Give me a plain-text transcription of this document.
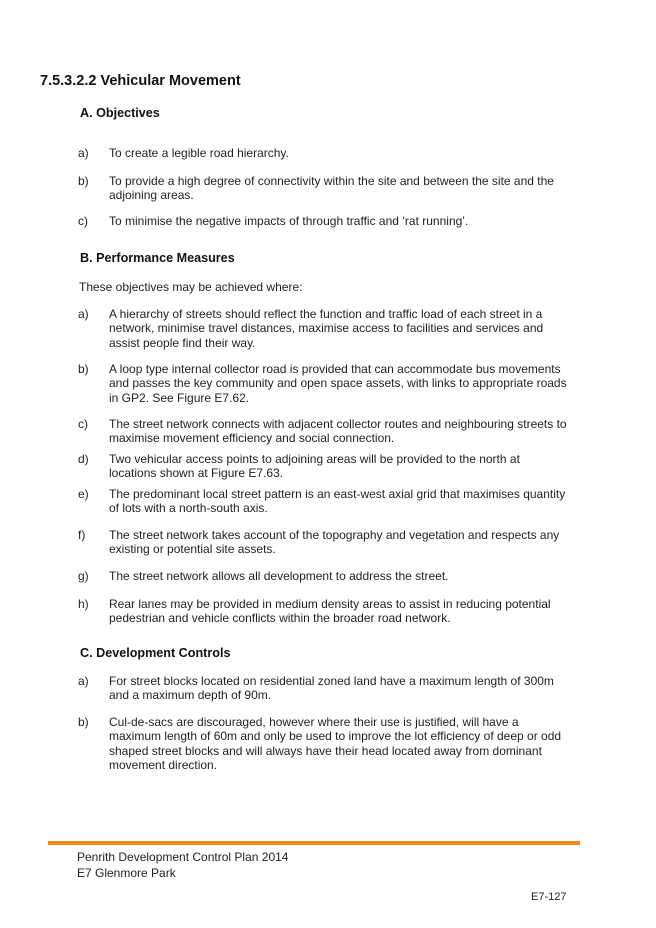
7.5.3.2.2 Vehicular Movement
A. Objectives
a)	To create a legible road hierarchy.
b)	To provide a high degree of connectivity within the site and between the site and the
adjoining areas.
c)	To minimise the negative impacts of through traffic and ‘rat running’.
B. Performance Measures

These objectives may be achieved where:

a)	A hierarchy of streets should reflect the function and traffic load of each street in a
network, minimise travel distances, maximise access to facilities and services and
assist people find their way.
b)	A loop type internal collector road is provided that can accommodate bus movements
and passes the key community and open space assets, with links to appropriate roads
in GP2. See Figure E7.62.
c)	The street network connects with adjacent collector routes and neighbouring streets to
maximise movement efficiency and social connection.
d)	Two vehicular access points to adjoining areas will be provided to the north at
locations shown at Figure E7.63.
e)	The predominant local street pattern is an east-west axial grid that maximises quantity
of lots with a north-south axis.
f)	The street network takes account of the topography and vegetation and respects any
existing or potential site assets.
g)	The street network allows all development to address the street.
h)	Rear lanes may be provided in medium density areas to assist in reducing potential
pedestrian and vehicle conflicts within the broader road network.
C. Development Controls
a)	For street blocks located on residential zoned land have a maximum length of 300m
and a maximum depth of 90m.
b)	Cul-de-sacs are discouraged, however where their use is justified, will have a
maximum length of 60m and only be used to improve the lot efficiency of deep or odd
shaped street blocks and will always have their head located away from dominant
movement direction.

Penrith Development Control Plan 2014

E7 Glenmore Park

E7-127
